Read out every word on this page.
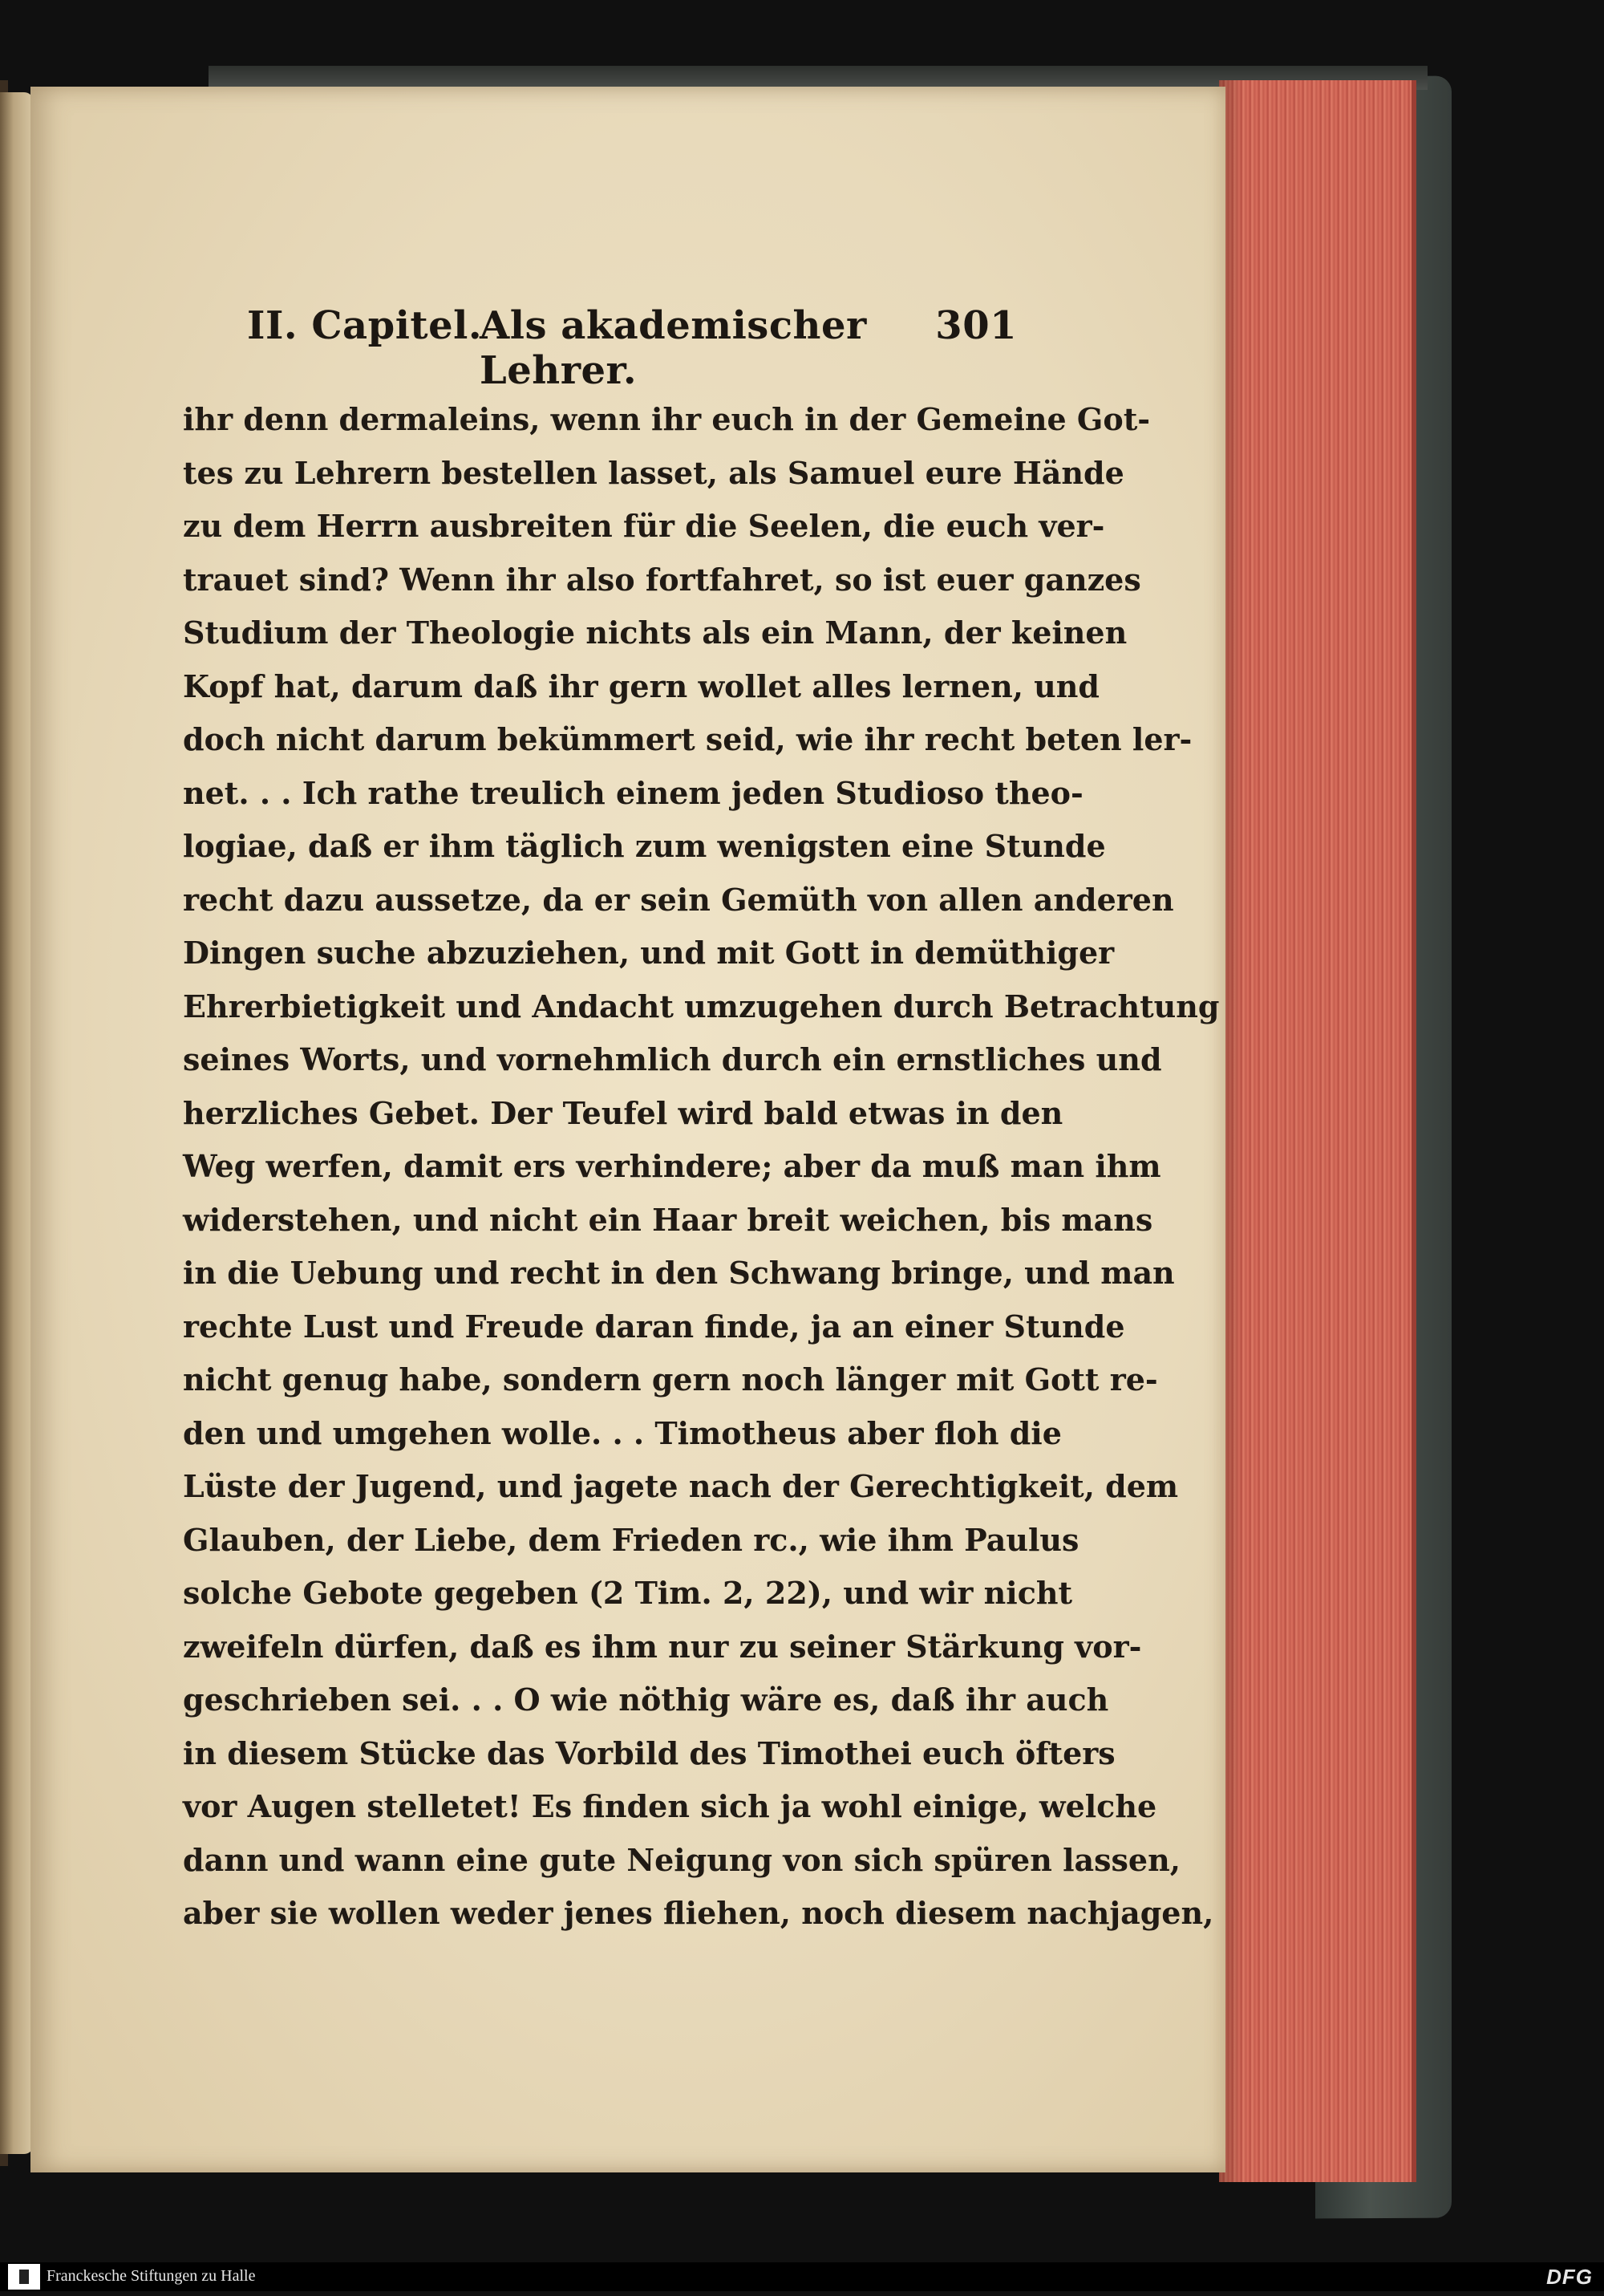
II. Capitel.
Als akademischer Lehrer.
301
ihr denn dermaleins, wenn ihr euch in der Gemeine Got-
tes zu Lehrern bestellen lasset, als Samuel eure Hände
zu dem Herrn ausbreiten für die Seelen, die euch ver-
trauet sind? Wenn ihr also fortfahret, so ist euer ganzes
Studium der Theologie nichts als ein Mann, der keinen
Kopf hat, darum daß ihr gern wollet alles lernen, und
doch nicht darum bekümmert seid, wie ihr recht beten ler-
net. . . Ich rathe treulich einem jeden Studioso theo-
logiae, daß er ihm täglich zum wenigsten eine Stunde
recht dazu aussetze, da er sein Gemüth von allen anderen
Dingen suche abzuziehen, und mit Gott in demüthiger
Ehrerbietigkeit und Andacht umzugehen durch Betrachtung
seines Worts, und vornehmlich durch ein ernstliches und
herzliches Gebet. Der Teufel wird bald etwas in den
Weg werfen, damit ers verhindere; aber da muß man ihm
widerstehen, und nicht ein Haar breit weichen, bis mans
in die Uebung und recht in den Schwang bringe, und man
rechte Lust und Freude daran finde, ja an einer Stunde
nicht genug habe, sondern gern noch länger mit Gott re-
den und umgehen wolle. . . Timotheus aber floh die
Lüste der Jugend, und jagete nach der Gerechtigkeit, dem
Glauben, der Liebe, dem Frieden rc., wie ihm Paulus
solche Gebote gegeben (2 Tim. 2, 22), und wir nicht
zweifeln dürfen, daß es ihm nur zu seiner Stärkung vor-
geschrieben sei. . . O wie nöthig wäre es, daß ihr auch
in diesem Stücke das Vorbild des Timothei euch öfters
vor Augen stelletet! Es finden sich ja wohl einige, welche
dann und wann eine gute Neigung von sich spüren lassen,
aber sie wollen weder jenes fliehen, noch diesem nachjagen,
Franckesche Stiftungen zu Halle	DFG
